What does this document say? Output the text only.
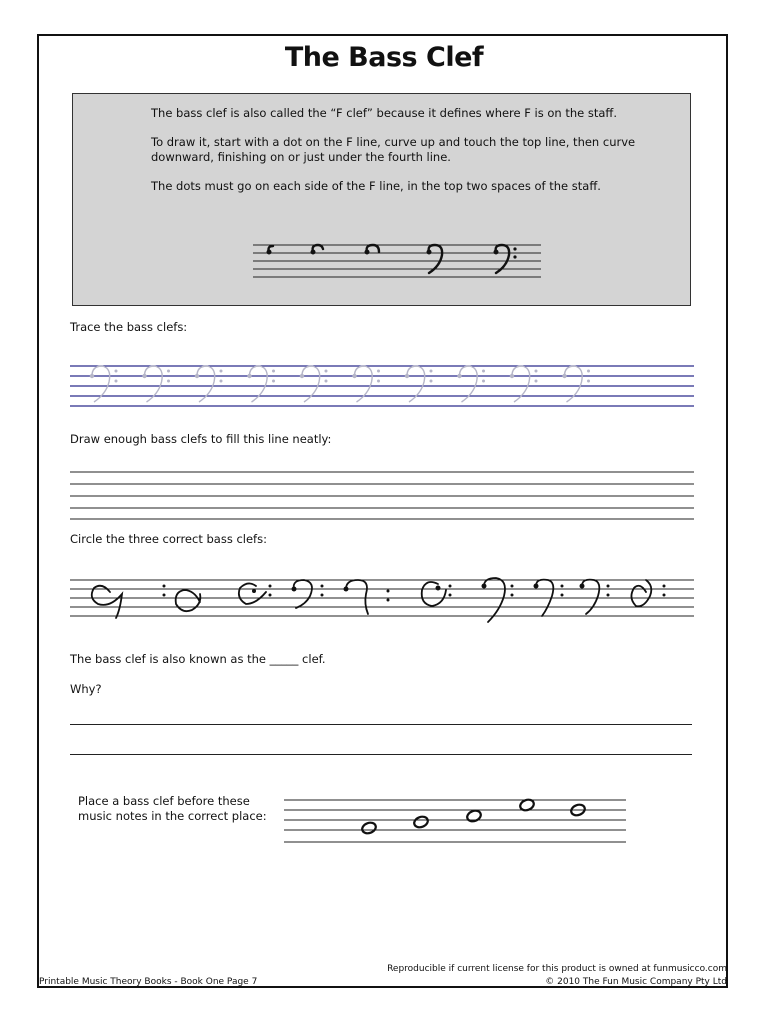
The Bass Clef

The bass clef is also called the “F clef” because it defines where F is on the staff.

To draw it, start with a dot on the F line, curve up and touch the top line, then curve downward, finishing on or just under the fourth line.

The dots must go on each side of the F line, in the top two spaces of the staff.

Trace the bass clefs:
Draw enough bass clefs to fill this line neatly:
Circle the three correct bass clefs:
The bass clef is also known as the _____ clef.
Why?
Place a bass clef before these
music notes in the correct place:
Printable Music Theory Books - Book One Page 7
Reproducible if current license for this product is owned at funmusicco.com
© 2010 The Fun Music Company Pty Ltd
